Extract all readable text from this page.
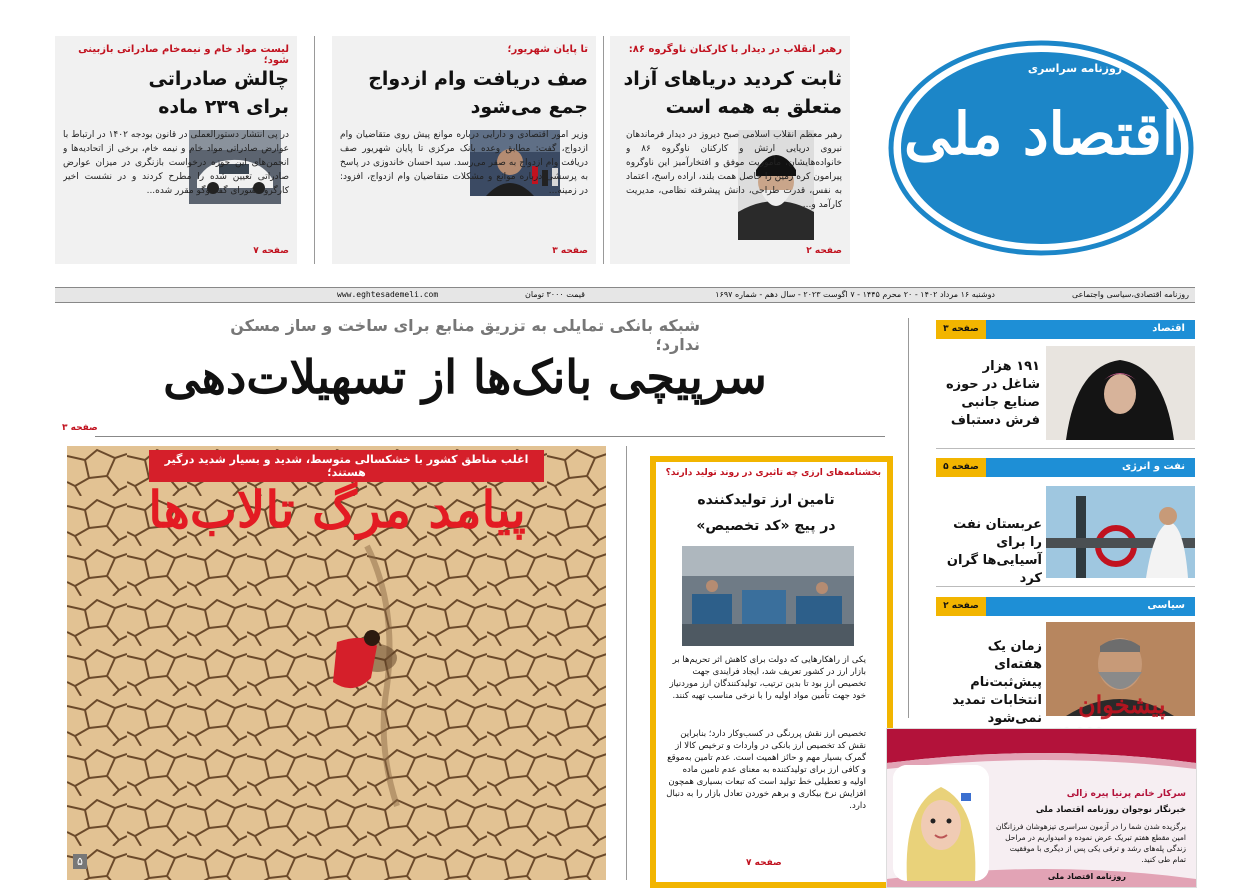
روزنامه سراسری
اقتصاد ملی
رهبر انقلاب در دیدار با کارکنان ناوگروه ۸۶:
ثابت کردید دریاهای آزاد
متعلق به همه است
رهبر معظم انقلاب اسلامی صبح دیروز در دیدار فرماندهان نیروی دریایی ارتش و کارکنان ناوگروه ۸۶ و خانواده‌هایشان، مأموریت موفق و افتخارآمیز این ناوگروه پیرامون کره زمین را حاصل همت بلند، اراده راسخ، اعتماد به نفس، قدرت طراحی، دانش پیشرفته نظامی، مدیریت کارآمد و...
صفحه ۲
تا پایان شهریور؛
صف دریافت وام ازدواج
جمع می‌شود
وزیر امور اقتصادی و دارایی درباره موانع پیش روی متقاضیان وام ازدواج، گفت: مطابق وعده بانک مرکزی تا پایان شهریور صف دریافت وام ازدواج به صفر می‌رسد. سید احسان خاندوزی در پاسخ به پرسشی درباره موانع و مشکلات متقاضیان وام ازدواج، افزود: در زمینه...
صفحه ۳
لیست مواد خام و نیمه‌خام صادراتی بازبینی شود؛
چالش صادراتی
برای ۲۳۹ ماده
در پی انتشار دستورالعملی در قانون بودجه ۱۴۰۲ در ارتباط با عوارض صادراتی مواد خام و نیمه خام، برخی از اتحادیه‌ها و انجمن‌های این حوزه درخواست بازنگری در میزان عوارض صادراتی تعیین شده را مطرح کردند و در نشست اخیر کارگروه شورای گفت‌وگو مقرر شده...
صفحه ۷
روزنامه اقتصادی،سیاسی واجتماعی
دوشنبه ۱۶ مرداد ۱۴۰۲ - ۲۰ محرم ۱۴۴۵ - ۷ اگوست ۲۰۲۳ - سال دهم - شماره ۱۶۹۷
قیمت ۳۰۰۰ تومان
www.eghtesademeli.com
شبکه بانکی تمایلی به تزریق منابع برای ساخت و ساز مسکن ندارد؛
سرپیچی بانک‌ها از تسهیلات‌دهی
صفحه ۳
اغلب مناطق کشور با خشکسالی متوسط، شدید و بسیار شدید درگیر هستند؛
پیامد مرگ تالاب‌ها
۵
بخشنامه‌های ارزی چه تاثیری در روند تولید دارند؟
تامین ارز تولیدکننده
در پیچ «کد تخصیص»
یکی از راهکارهایی که دولت برای کاهش اثر تحریم‌ها بر بازار ارز در کشور تعریف شد، ایجاد فرایندی جهت تخصیص ارز بود تا بدین ترتیب، تولیدکنندگان ارز موردنیاز خود جهت تأمین مواد اولیه را با نرخی مناسب تهیه کنند.
تخصیص ارز نقش پررنگی در کسب‌وکار دارد؛ بنابراین نقش کد تخصیص ارز بانکی در واردات و ترخیص کالا از گمرک بسیار مهم و حائز اهمیت است. عدم تامین به‌موقع و کافی ارز برای تولیدکننده به معنای عدم تامین ماده اولیه و تعطیلی خط تولید است که تبعات بسیاری همچون افزایش نرخ بیکاری و برهم خوردن تعادل بازار را به دنبال دارد.
صفحه ۷
اقتصاد
صفحه ۳
۱۹۱ هزار شاغل در حوزه صنایع جانبی فرش دستباف
نفت و انرژی
صفحه ۵
عربستان نفت را برای آسیایی‌ها گران کرد
سیاسی
صفحه ۲
زمان یک هفته‌ای پیش‌ثبت‌نام انتخابات تمدید نمی‌شود پیشخوان
سرکار خانم پرنیا پیره زالی
خبرنگار نوجوان روزنامه اقتصاد ملی
برگزیده شدن شما را در آزمون سراسری تیزهوشان فرزانگان امین مقطع هفتم تبریک عرض نموده و امیدواریم در مراحل زندگی پله‌های رشد و ترقی یکی پس از دیگری با موفقیت تمام طی کنید.
روزنامه اقتصاد ملی
